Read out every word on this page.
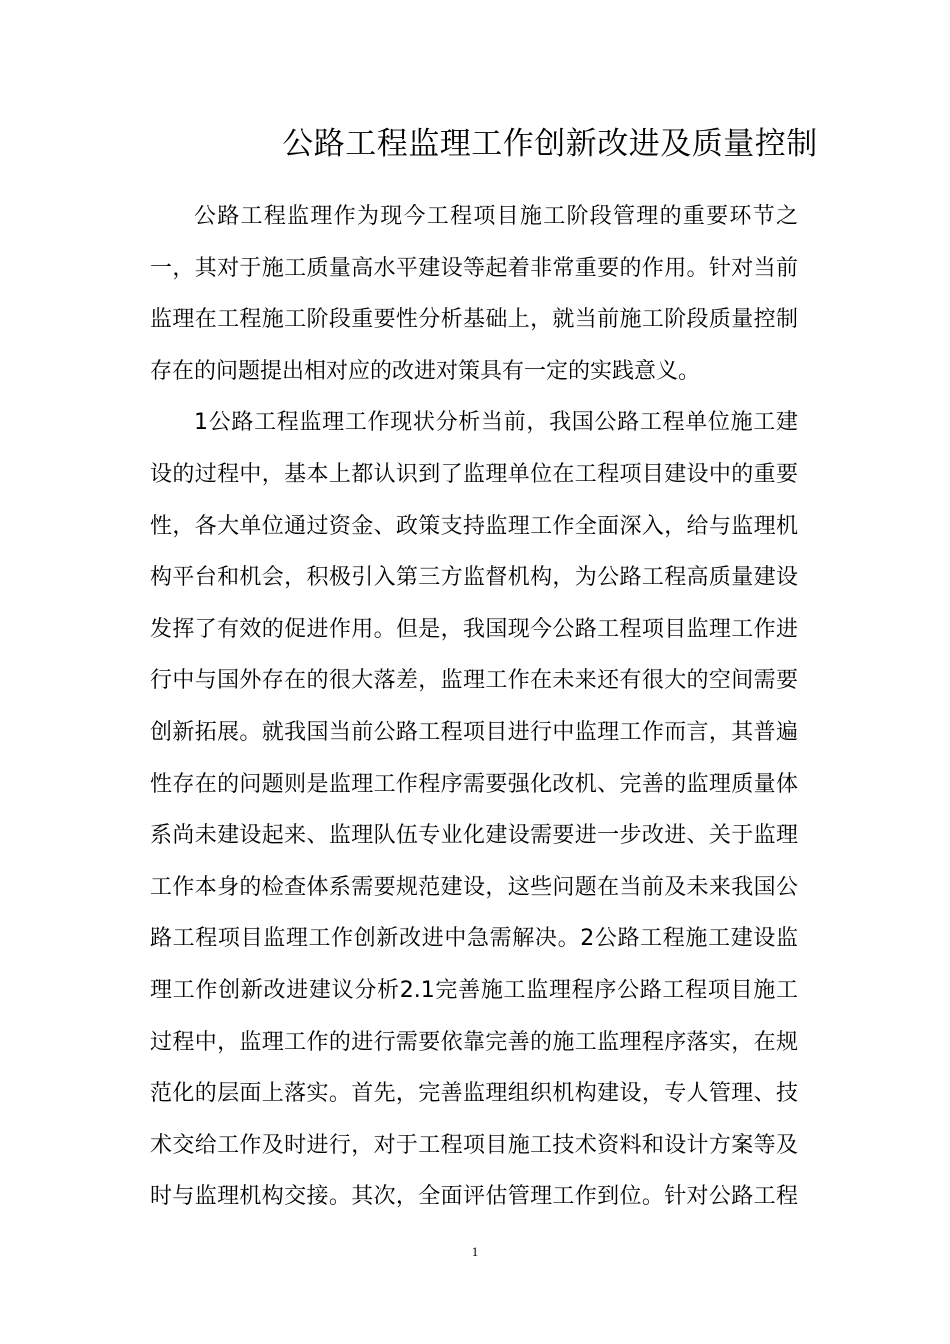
公路工程监理工作创新改进及质量控制
公路工程监理作为现今工程项目施工阶段管理的重要环节之
一，其对于施工质量高水平建设等起着非常重要的作用。针对当前
监理在工程施工阶段重要性分析基础上，就当前施工阶段质量控制
存在的问题提出相对应的改进对策具有一定的实践意义。
1公路工程监理工作现状分析当前，我国公路工程单位施工建
设的过程中，基本上都认识到了监理单位在工程项目建设中的重要
性，各大单位通过资金、政策支持监理工作全面深入，给与监理机
构平台和机会，积极引入第三方监督机构，为公路工程高质量建设
发挥了有效的促进作用。但是，我国现今公路工程项目监理工作进
行中与国外存在的很大落差，监理工作在未来还有很大的空间需要
创新拓展。就我国当前公路工程项目进行中监理工作而言，其普遍
性存在的问题则是监理工作程序需要强化改机、完善的监理质量体
系尚未建设起来、监理队伍专业化建设需要进一步改进、关于监理
工作本身的检查体系需要规范建设，这些问题在当前及未来我国公
路工程项目监理工作创新改进中急需解决。2公路工程施工建设监
理工作创新改进建议分析2.1完善施工监理程序公路工程项目施工
过程中，监理工作的进行需要依靠完善的施工监理程序落实，在规
范化的层面上落实。首先，完善监理组织机构建设，专人管理、技
术交给工作及时进行，对于工程项目施工技术资料和设计方案等及
时与监理机构交接。其次，全面评估管理工作到位。针对公路工程
1
